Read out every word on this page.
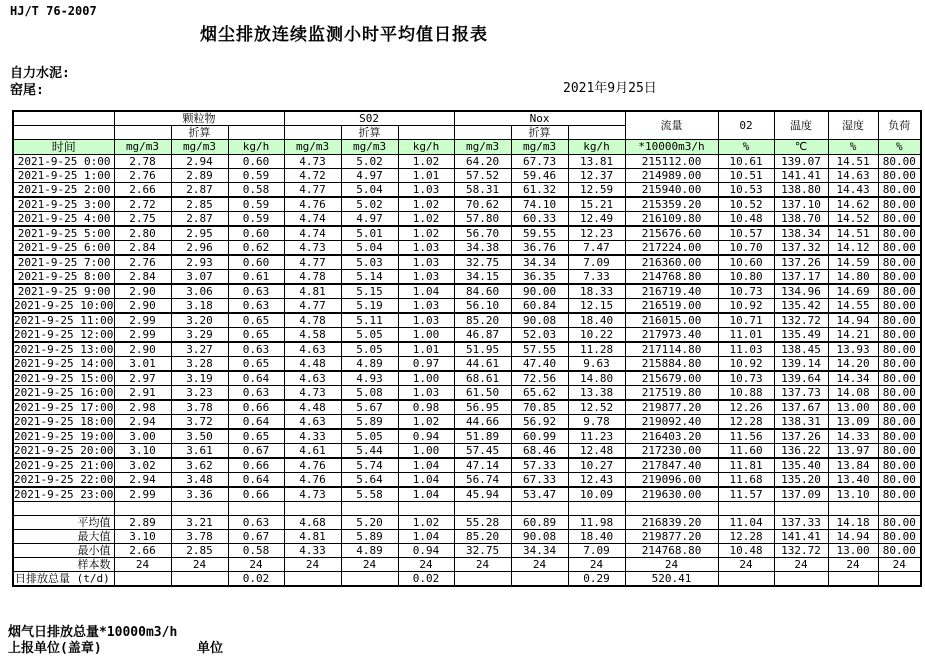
HJ/T 76-2007
烟尘排放连续监测小时平均值日报表
自力水泥:
窑尾:	2021年9月25日
	颗粒物			S02			Nox			流量	02	温度	湿度	负荷
		折算			折算			折算						
时间	mg/m3	mg/m3	kg/h	mg/m3	mg/m3	kg/h	mg/m3	mg/m3	kg/h	*10000m3/h	%	℃	%	%
2021-9-25 0:00	2.78	2.94	0.60	4.73	5.02	1.02	64.20	67.73	13.81	215112.00	10.61	139.07	14.51	80.00
2021-9-25 1:00	2.76	2.89	0.59	4.72	4.97	1.01	57.52	59.46	12.37	214989.00	10.51	141.41	14.63	80.00
2021-9-25 2:00	2.66	2.87	0.58	4.77	5.04	1.03	58.31	61.32	12.59	215940.00	10.53	138.80	14.43	80.00
2021-9-25 3:00	2.72	2.85	0.59	4.76	5.02	1.02	70.62	74.10	15.21	215359.20	10.52	137.10	14.62	80.00
2021-9-25 4:00	2.75	2.87	0.59	4.74	4.97	1.02	57.80	60.33	12.49	216109.80	10.48	138.70	14.52	80.00
2021-9-25 5:00	2.80	2.95	0.60	4.74	5.01	1.02	56.70	59.55	12.23	215676.60	10.57	138.34	14.51	80.00
2021-9-25 6:00	2.84	2.96	0.62	4.73	5.04	1.03	34.38	36.76	7.47	217224.00	10.70	137.32	14.12	80.00
2021-9-25 7:00	2.76	2.93	0.60	4.77	5.03	1.03	32.75	34.34	7.09	216360.00	10.60	137.26	14.59	80.00
2021-9-25 8:00	2.84	3.07	0.61	4.78	5.14	1.03	34.15	36.35	7.33	214768.80	10.80	137.17	14.80	80.00
2021-9-25 9:00	2.90	3.06	0.63	4.81	5.15	1.04	84.60	90.00	18.33	216719.40	10.73	134.96	14.69	80.00
2021-9-25 10:00	2.90	3.18	0.63	4.77	5.19	1.03	56.10	60.84	12.15	216519.00	10.92	135.42	14.55	80.00
2021-9-25 11:00	2.99	3.20	0.65	4.78	5.11	1.03	85.20	90.08	18.40	216015.00	10.71	132.72	14.94	80.00
2021-9-25 12:00	2.99	3.29	0.65	4.58	5.05	1.00	46.87	52.03	10.22	217973.40	11.01	135.49	14.21	80.00
2021-9-25 13:00	2.90	3.27	0.63	4.63	5.05	1.01	51.95	57.55	11.28	217114.80	11.03	138.45	13.93	80.00
2021-9-25 14:00	3.01	3.28	0.65	4.48	4.89	0.97	44.61	47.40	9.63	215884.80	10.92	139.14	14.20	80.00
2021-9-25 15:00	2.97	3.19	0.64	4.63	4.93	1.00	68.61	72.56	14.80	215679.00	10.73	139.64	14.34	80.00
2021-9-25 16:00	2.91	3.23	0.63	4.73	5.08	1.03	61.50	65.62	13.38	217519.80	10.88	137.73	14.08	80.00
2021-9-25 17:00	2.98	3.78	0.66	4.48	5.67	0.98	56.95	70.85	12.52	219877.20	12.26	137.67	13.00	80.00
2021-9-25 18:00	2.94	3.72	0.64	4.63	5.89	1.02	44.66	56.92	9.78	219092.40	12.28	138.31	13.09	80.00
2021-9-25 19:00	3.00	3.50	0.65	4.33	5.05	0.94	51.89	60.99	11.23	216403.20	11.56	137.26	14.33	80.00
2021-9-25 20:00	3.10	3.61	0.67	4.61	5.44	1.00	57.45	68.46	12.48	217230.00	11.60	136.22	13.97	80.00
2021-9-25 21:00	3.02	3.62	0.66	4.76	5.74	1.04	47.14	57.33	10.27	217847.40	11.81	135.40	13.84	80.00
2021-9-25 22:00	2.94	3.48	0.64	4.76	5.64	1.04	56.74	67.33	12.43	219096.00	11.68	135.20	13.40	80.00
2021-9-25 23:00	2.99	3.36	0.66	4.73	5.58	1.04	45.94	53.47	10.09	219630.00	11.57	137.09	13.10	80.00

平均值	2.89	3.21	0.63	4.68	5.20	1.02	55.28	60.89	11.98	216839.20	11.04	137.33	14.18	80.00
最大值	3.10	3.78	0.67	4.81	5.89	1.04	85.20	90.08	18.40	219877.20	12.28	141.41	14.94	80.00
最小值	2.66	2.85	0.58	4.33	4.89	0.94	32.75	34.34	7.09	214768.80	10.48	132.72	13.00	80.00
样本数	24	24	24	24	24	24	24	24	24	24	24	24	24	24
日排放总量 (t/d)			0.02			0.02			0.29	520.41				
烟气日排放总量*10000m3/h
上报单位(盖章)	单位
